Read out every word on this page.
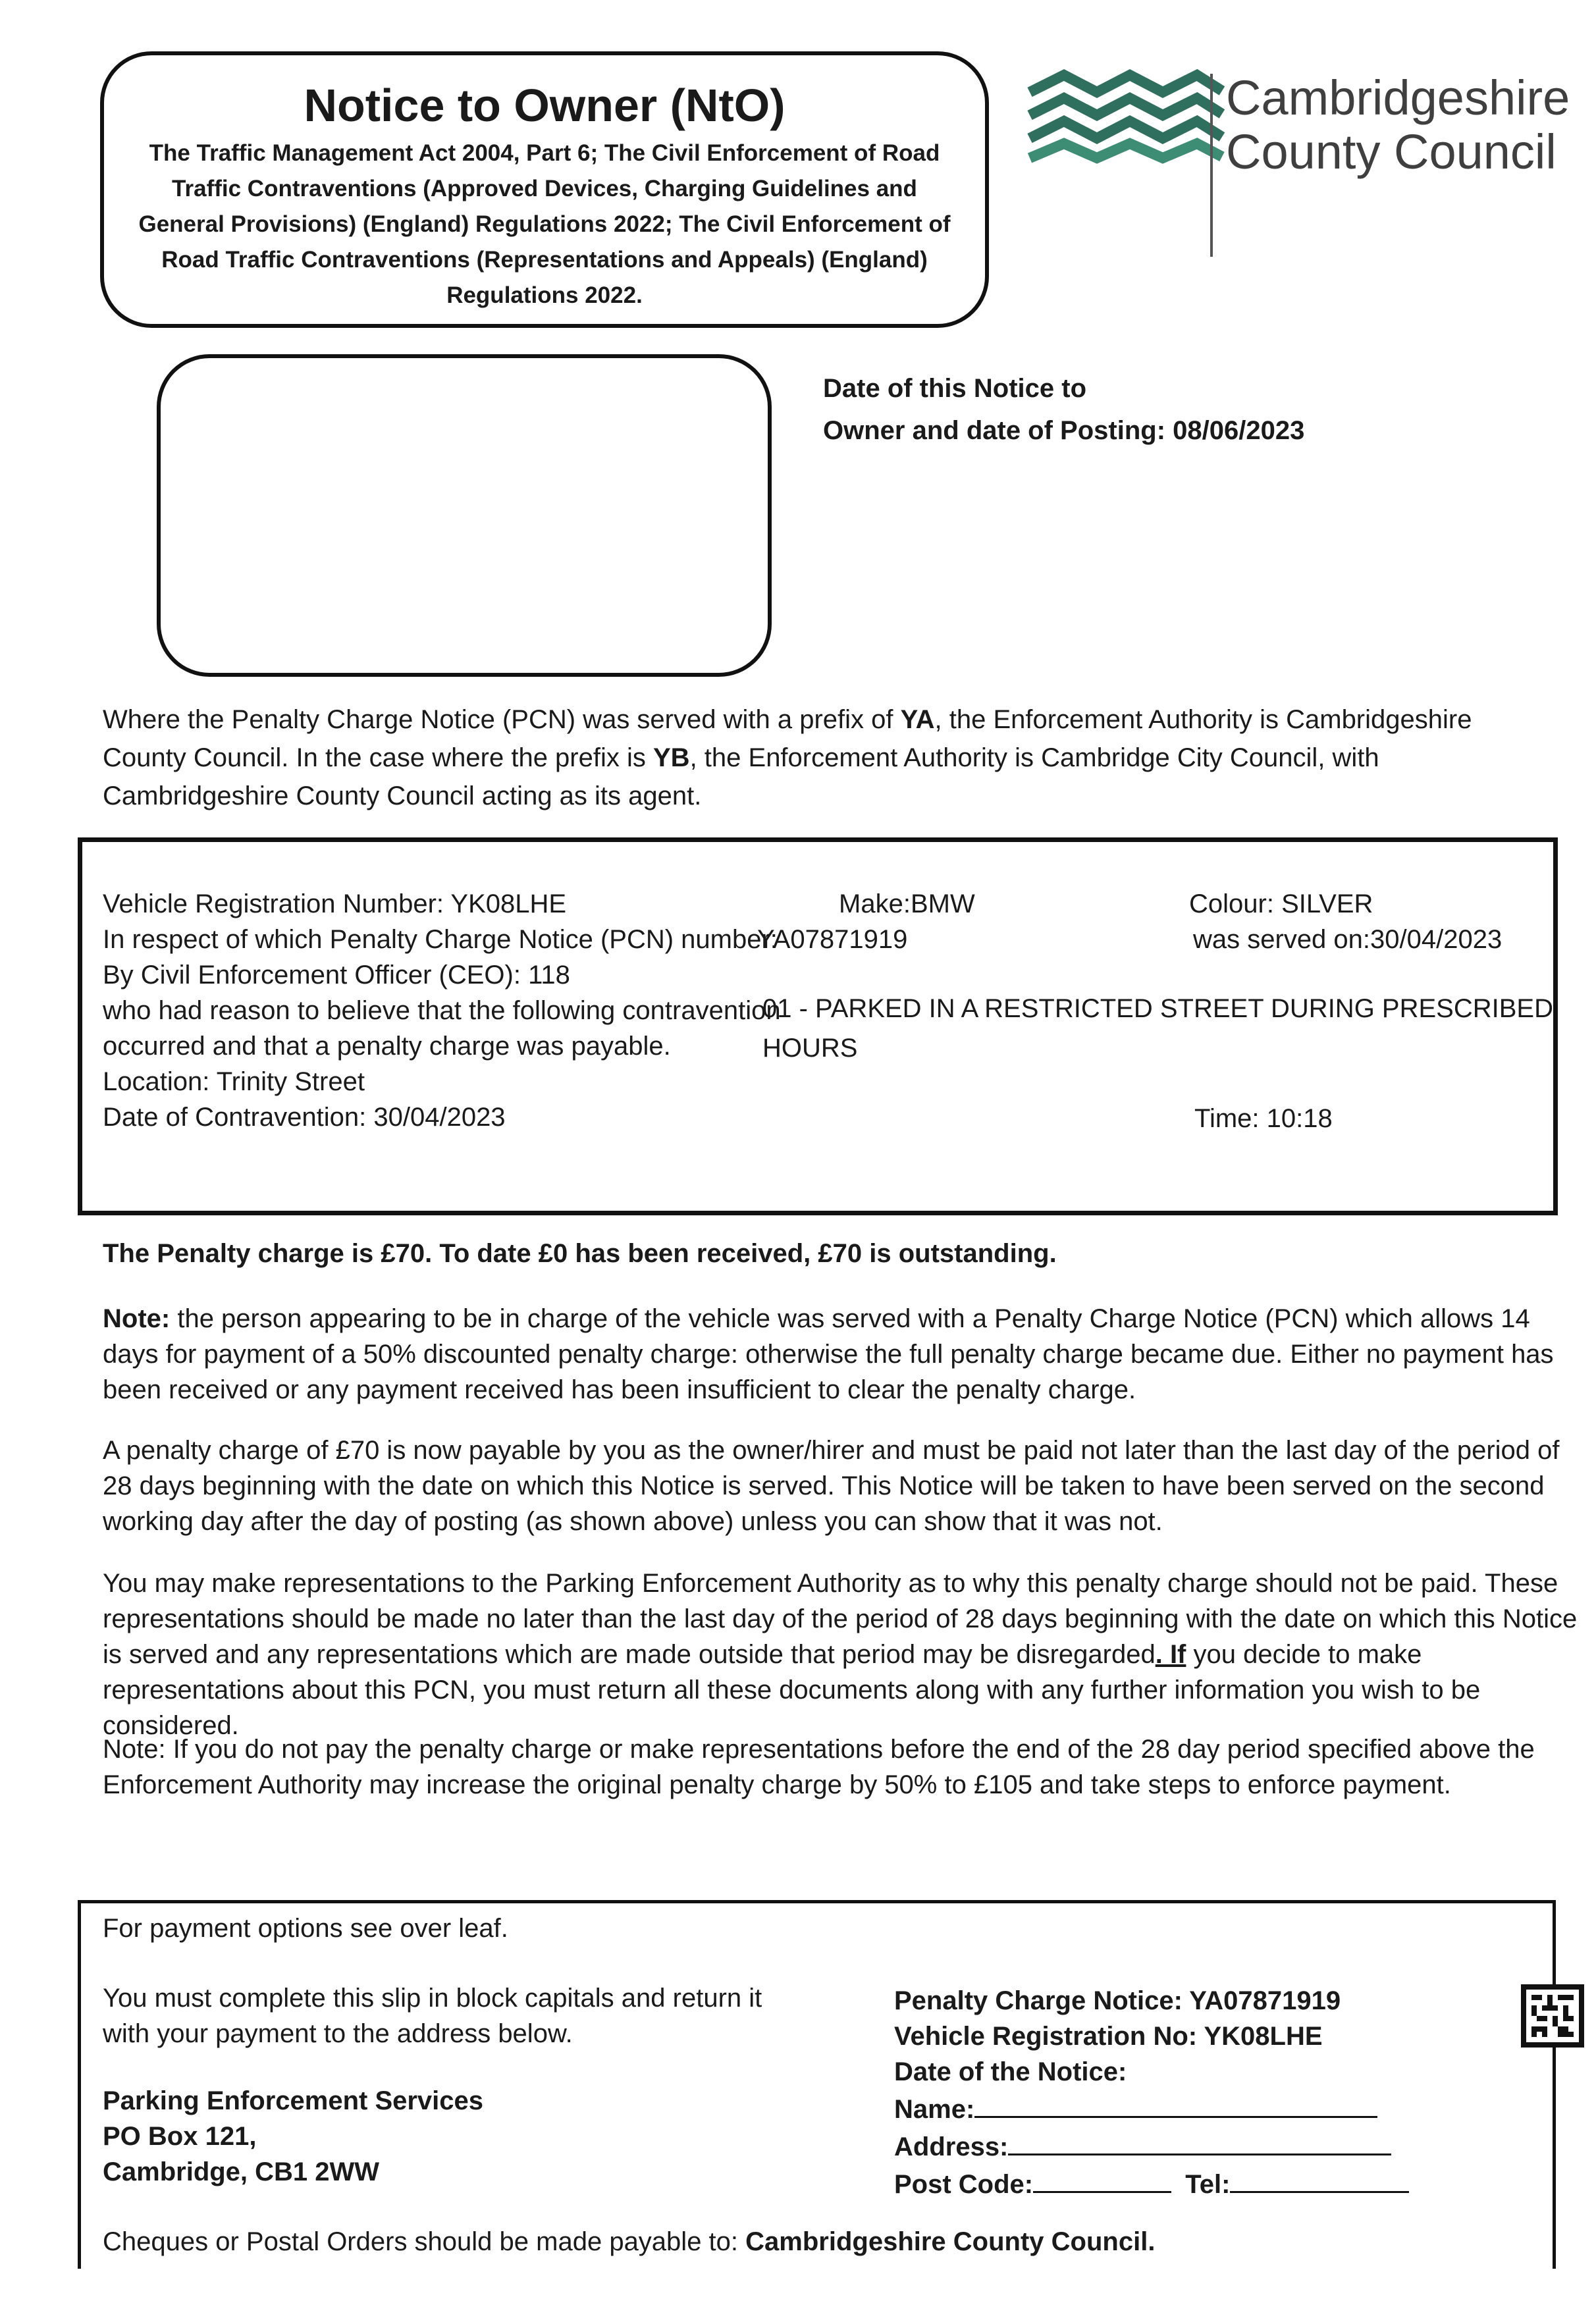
Notice to Owner (NtO)
The Traffic Management Act 2004, Part 6; The Civil Enforcement of Road
Traffic Contraventions (Approved Devices, Charging Guidelines and
General Provisions) (England) Regulations 2022; The Civil Enforcement of
Road Traffic Contraventions (Representations and Appeals) (England)
Regulations 2022.
Cambridgeshire
County Council
Date of this Notice to
Owner and date of Posting: 08/06/2023
Where the Penalty Charge Notice (PCN) was served with a prefix of YA, the Enforcement Authority is Cambridgeshire County Council. In the case where the prefix is YB, the Enforcement Authority is Cambridge City Council, with Cambridgeshire County Council acting as its agent.
Vehicle Registration Number: YK08LHE	Make:BMW	Colour: SILVER
In respect of which Penalty Charge Notice (PCN) number:
YA07871919	was served on:30/04/2023
By Civil Enforcement Officer (CEO): 118
who had reason to believe that the following contravention
occurred and that a penalty charge was payable.
01 - PARKED IN A RESTRICTED STREET DURING PRESCRIBED
HOURS
Location: Trinity Street
Date of Contravention: 30/04/2023	Time: 10:18
The Penalty charge is £70. To date £0 has been received, £70 is outstanding.
Note: the person appearing to be in charge of the vehicle was served with a Penalty Charge Notice (PCN) which allows 14 days for payment of a 50% discounted penalty charge: otherwise the full penalty charge became due. Either no payment has been received or any payment received has been insufficient to clear the penalty charge.
A penalty charge of £70 is now payable by you as the owner/hirer and must be paid not later than the last day of the period of 28 days beginning with the date on which this Notice is served. This Notice will be taken to have been served on the second working day after the day of posting (as shown above) unless you can show that it was not.
You may make representations to the Parking Enforcement Authority as to why this penalty charge should not be paid. These representations should be made no later than the last day of the period of 28 days beginning with the date on which this Notice is served and any representations which are made outside that period may be disregarded. If you decide to make representations about this PCN, you must return all these documents along with any further information you wish to be considered.
Note: If you do not pay the penalty charge or make representations before the end of the 28 day period specified above the Enforcement Authority may increase the original penalty charge by 50% to £105 and take steps to enforce payment.
For payment options see over leaf.
You must complete this slip in block capitals and return it
with your payment to the address below.
Parking Enforcement Services
PO Box 121,
Cambridge, CB1 2WW
Penalty Charge Notice: YA07871919
Vehicle Registration No: YK08LHE
Date of the Notice:
Name:
Address:
Post Code:	Tel:
Cheques or Postal Orders should be made payable to: Cambridgeshire County Council.
